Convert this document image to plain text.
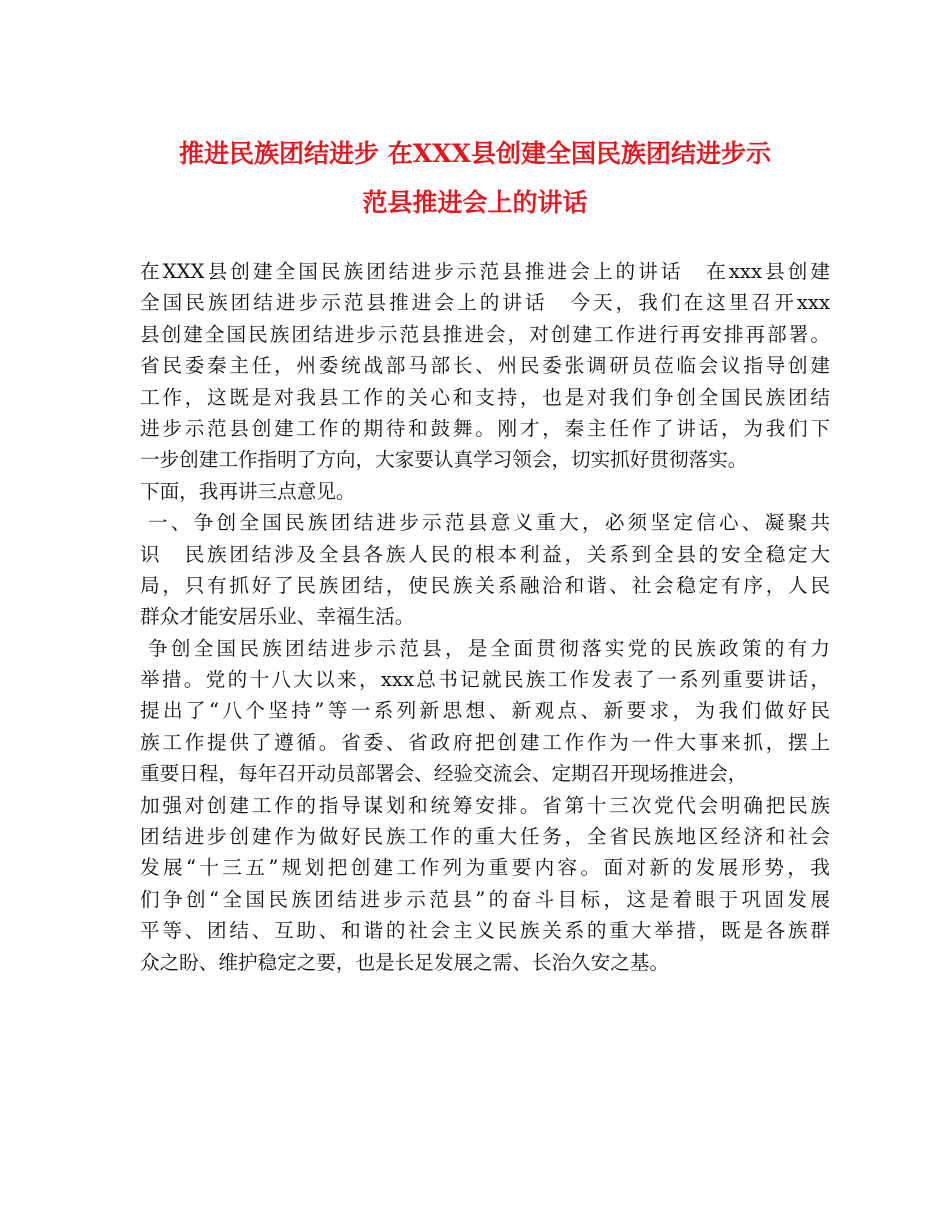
推进民族团结进步 在XXX县创建全国民族团结进步示
范县推进会上的讲话
在XXX县创建全国民族团结进步示范县推进会上的讲话　在xxx县创建
全国民族团结进步示范县推进会上的讲话　今天，我们在这里召开xxx
县创建全国民族团结进步示范县推进会，对创建工作进行再安排再部署。
省民委秦主任，州委统战部马部长、州民委张调研员莅临会议指导创建
工作，这既是对我县工作的关心和支持，也是对我们争创全国民族团结
进步示范县创建工作的期待和鼓舞。刚才，秦主任作了讲话，为我们下
一步创建工作指明了方向，大家要认真学习领会，切实抓好贯彻落实。
下面，我再讲三点意见。
一、争创全国民族团结进步示范县意义重大，必须坚定信心、凝聚共
识　民族团结涉及全县各族人民的根本利益，关系到全县的安全稳定大
局，只有抓好了民族团结，使民族关系融洽和谐、社会稳定有序，人民
群众才能安居乐业、幸福生活。
争创全国民族团结进步示范县，是全面贯彻落实党的民族政策的有力
举措。党的十八大以来，xxx总书记就民族工作发表了一系列重要讲话，
提出了“八个坚持”等一系列新思想、新观点、新要求，为我们做好民
族工作提供了遵循。省委、省政府把创建工作作为一件大事来抓，摆上
重要日程，每年召开动员部署会、经验交流会、定期召开现场推进会，
加强对创建工作的指导谋划和统筹安排。省第十三次党代会明确把民族
团结进步创建作为做好民族工作的重大任务，全省民族地区经济和社会
发展“十三五”规划把创建工作列为重要内容。面对新的发展形势，我
们争创“全国民族团结进步示范县”的奋斗目标，这是着眼于巩固发展
平等、团结、互助、和谐的社会主义民族关系的重大举措，既是各族群
众之盼、维护稳定之要，也是长足发展之需、长治久安之基。
